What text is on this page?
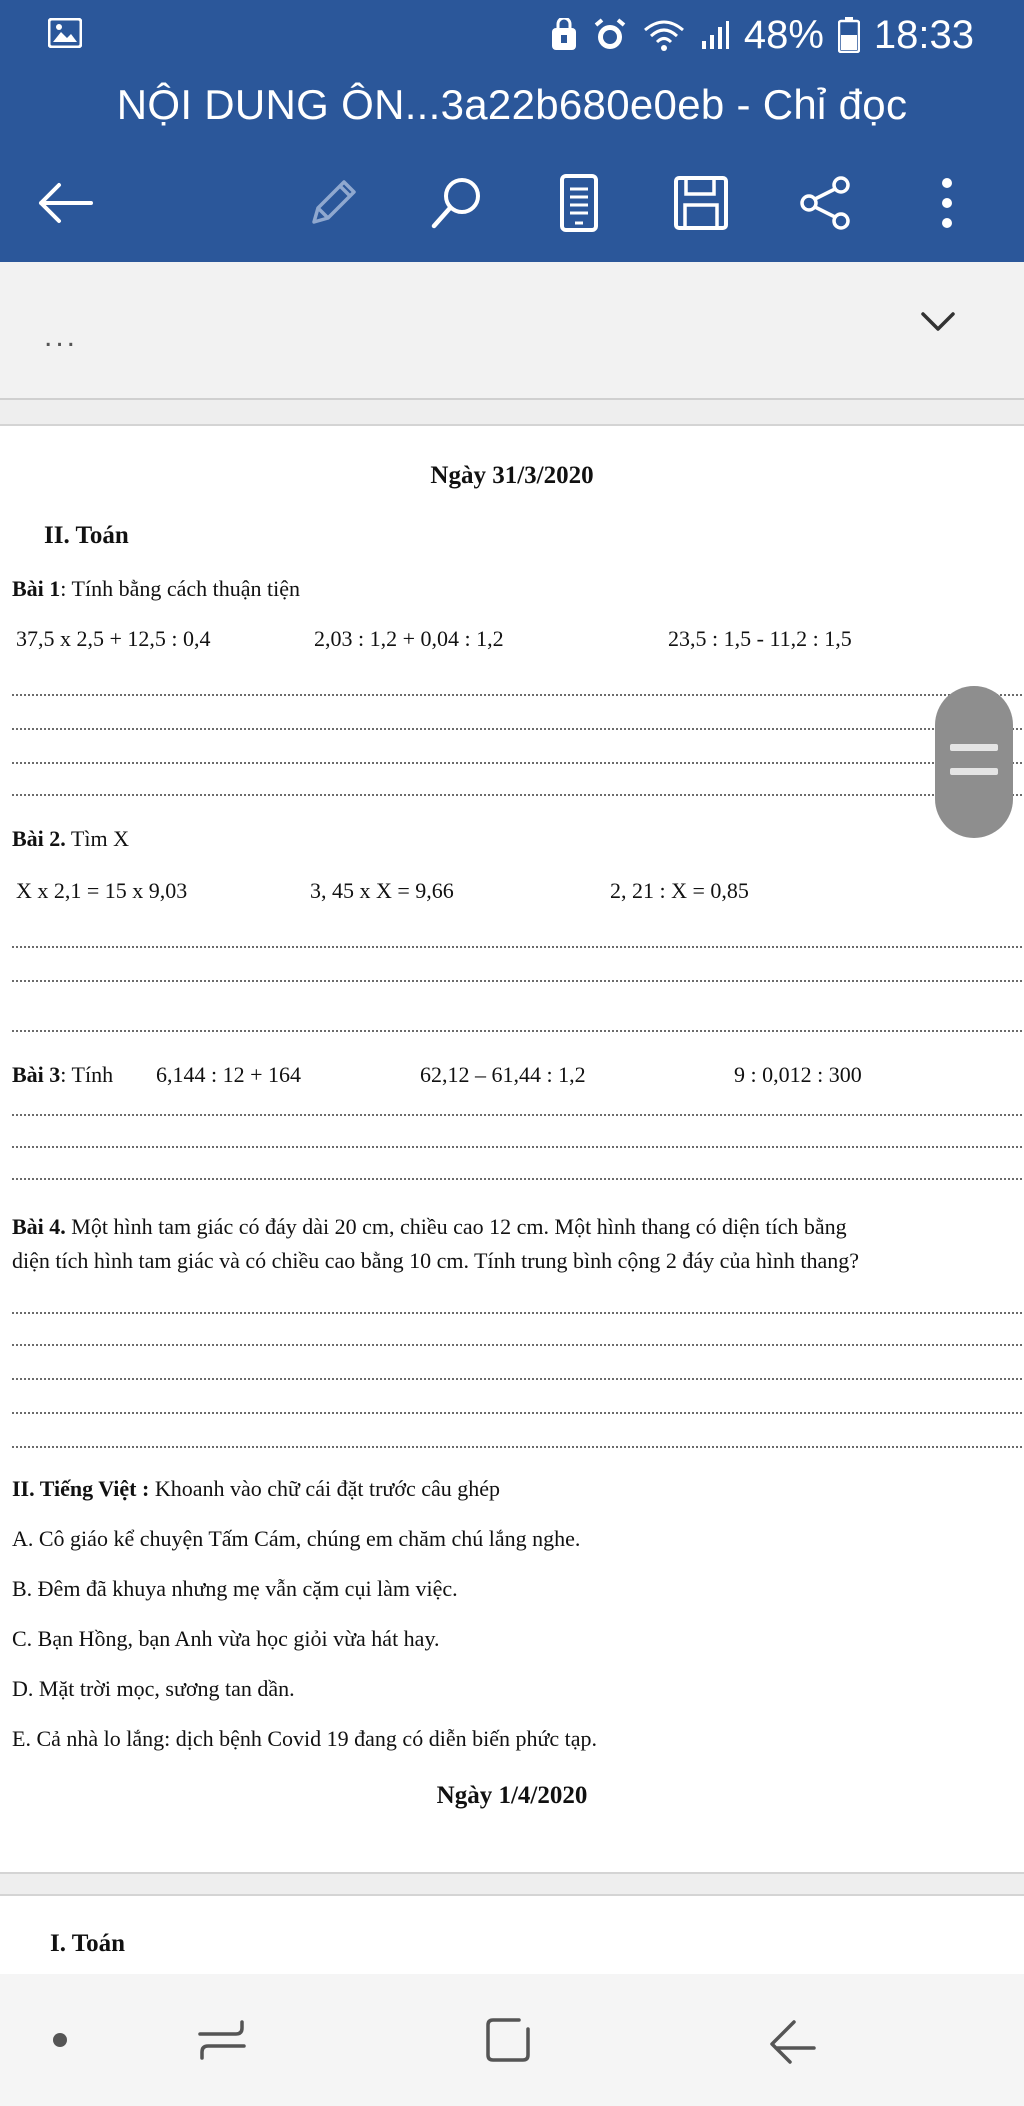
48% 18:33
NỘI DUNG ÔN...3a22b680e0eb - Chỉ đọc
...
Ngày 31/3/2020
II. Toán
Bài 1: Tính bằng cách thuận tiện
37,5 x 2,5 + 12,5 : 0,4	2,03 : 1,2 + 0,04 : 1,2	23,5 : 1,5 - 11,2 : 1,5
Bài 2. Tìm X
X x 2,1 = 15 x 9,03	3, 45 x X = 9,66	2, 21 : X = 0,85
Bài 3: Tính 6,144 : 12 + 164	62,12 – 61,44 : 1,2	9 : 0,012 : 300
Bài 4. Một hình tam giác có đáy dài 20 cm, chiều cao 12 cm. Một hình thang có diện tích bằng
diện tích hình tam giác và có chiều cao bằng 10 cm. Tính trung bình cộng 2 đáy của hình thang?
II. Tiếng Việt : Khoanh vào chữ cái đặt trước câu ghép
A. Cô giáo kể chuyện Tấm Cám, chúng em chăm chú lắng nghe.
B. Đêm đã khuya nhưng mẹ vẫn cặm cụi làm việc.
C. Bạn Hồng, bạn Anh vừa học giỏi vừa hát hay.
D. Mặt trời mọc, sương tan dần.
E. Cả nhà lo lắng: dịch bệnh Covid 19 đang có diễn biến phức tạp.
Ngày 1/4/2020
I. Toán
